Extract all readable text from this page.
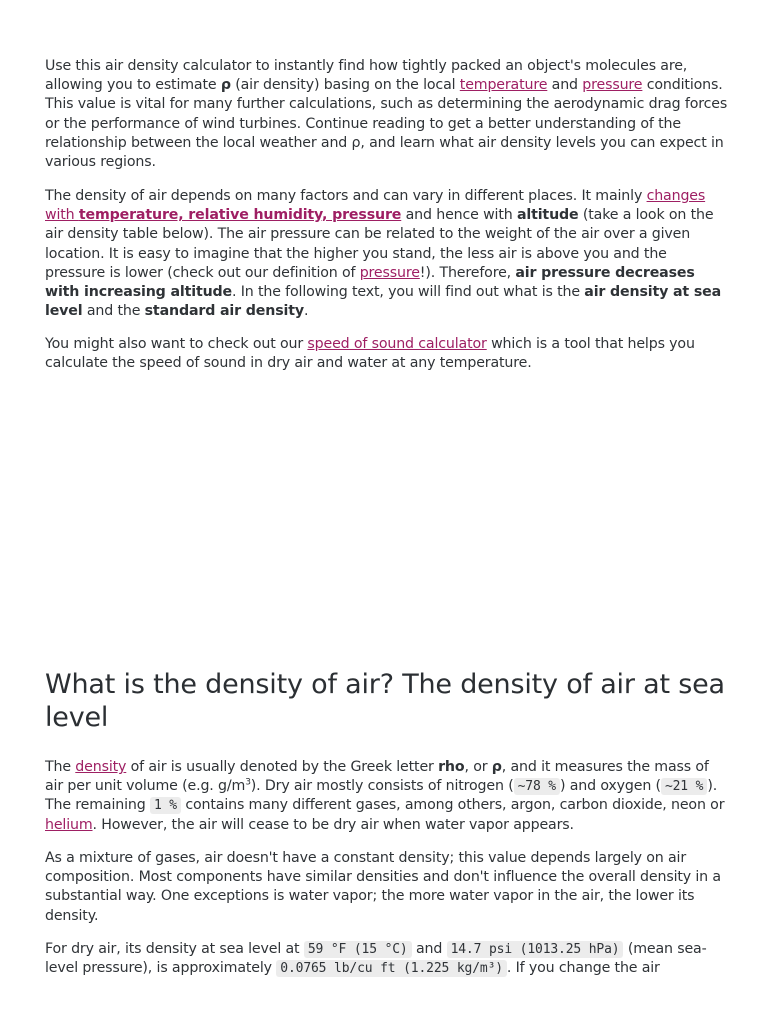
Use this air density calculator to instantly find how tightly packed an object's molecules are, allowing you to estimate ρ (air density) basing on the local temperature and pressure conditions. This value is vital for many further calculations, such as determining the aerodynamic drag forces or the performance of wind turbines. Continue reading to get a better understanding of the relationship between the local weather and ρ, and learn what air density levels you can expect in various regions.

The density of air depends on many factors and can vary in different places. It mainly changes with temperature, relative humidity, pressure and hence with altitude (take a look on the air density table below). The air pressure can be related to the weight of the air over a given location. It is easy to imagine that the higher you stand, the less air is above you and the pressure is lower (check out our definition of pressure!). Therefore, air pressure decreases with increasing altitude. In the following text, you will find out what is the air density at sea level and the standard air density.

You might also want to check out our speed of sound calculator which is a tool that helps you calculate the speed of sound in dry air and water at any temperature.

What is the density of air? The density of air at sea level

The density of air is usually denoted by the Greek letter rho, or ρ, and it measures the mass of air per unit volume (e.g. $g/m^3$). Dry air mostly consists of nitrogen ( ~78 % ) and oxygen ( ~21 % ). The remaining 1 % contains many different gases, among others, argon, carbon dioxide, neon or helium. However, the air will cease to be dry air when water vapor appears.

As a mixture of gases, air doesn't have a constant density; this value depends largely on air composition. Most components have similar densities and don't influence the overall density in a substantial way. One exceptions is water vapor; the more water vapor in the air, the lower its density.

For dry air, its density at sea level at 59 °F (15 °C) and 14.7 psi (1013.25 hPa) (mean sea-level pressure), is approximately 0.0765 lb/cu ft (1.225 kg/m³) . If you change the air
